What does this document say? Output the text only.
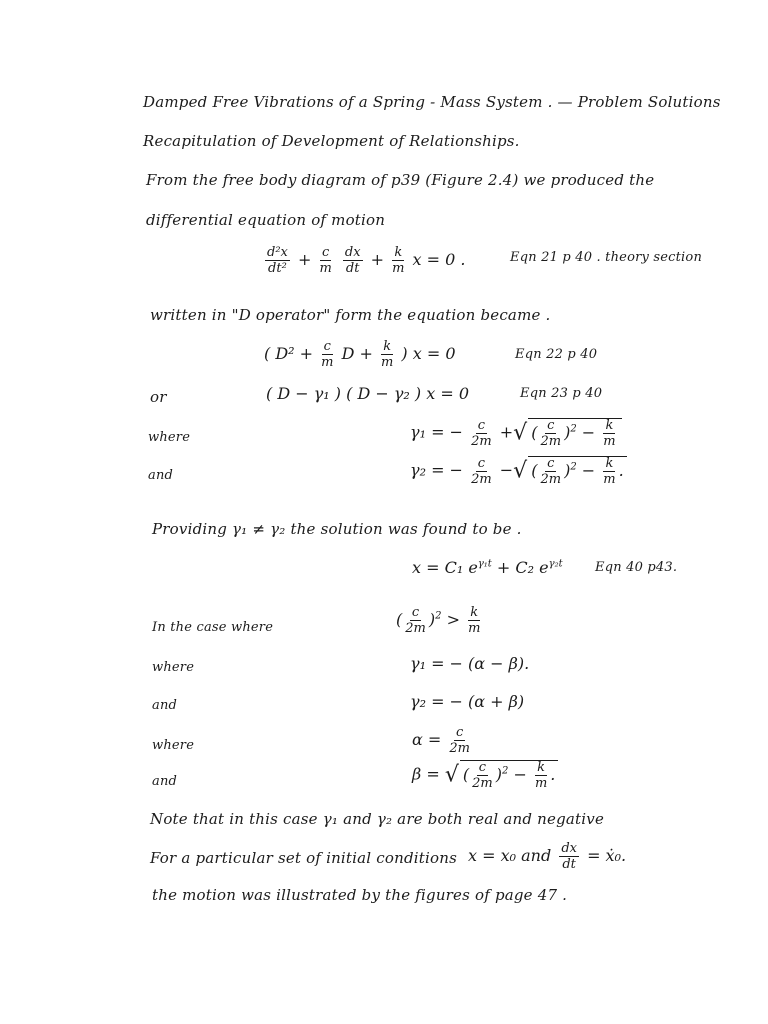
Damped Free Vibrations of a Spring - Mass System . — Problem Solutions
Recapitulation of Development of Relationships.
From the free body diagram of p39 (Figure 2.4) we produced the
differential equation of motion
$\frac{\text{d²x}}{\text{dt²}} + \frac{c}{m}$
$\frac{dx}{dt} + \frac{k}{m}$ x = 0 .	Eqn 21 p 40 . theory section
written in "D operator" form the equation became .
( $D^2 + \frac{c}{m}$ $D + \frac{k}{m}$ ) x = 0	Eqn 22 p 40
or	( D − γ₁ ) ( D − γ₂ ) x = 0	Eqn 23 p 40
where	γ₁ = − $\frac{c}{2m}$ +√ ( $\frac{c}{2m} )^2 - \frac{k}{m}$
and	γ₂ = − $\frac{c}{2m}$ −√ ( $\frac{c}{2m} )^2 - \frac{k}{m}$ .
Providing γ₁ ≠ γ₂ the solution was found to be .
x = C₁ $e^{\gamma_1t} + C_2$ $e^{\gamma_2t}$ Eqn 40 p43.
In the case where	( $\frac{c}{2m} )^2 > \frac{k}{m}$
where	γ₁ = − (α − β).
and	γ₂ = − (α + β)
where	$\alpha = \frac{c}{2m}$
and	β = √ ( $\frac{c}{2m} )^2 - \frac{k}{m}$ .
Note that in this case γ₁ and γ₂ are both real and negative
For a particular set of initial conditions x = x₀ and $\frac{dx}{dt}$ = ẋ₀.
the motion was illustrated by the figures of page 47 .
